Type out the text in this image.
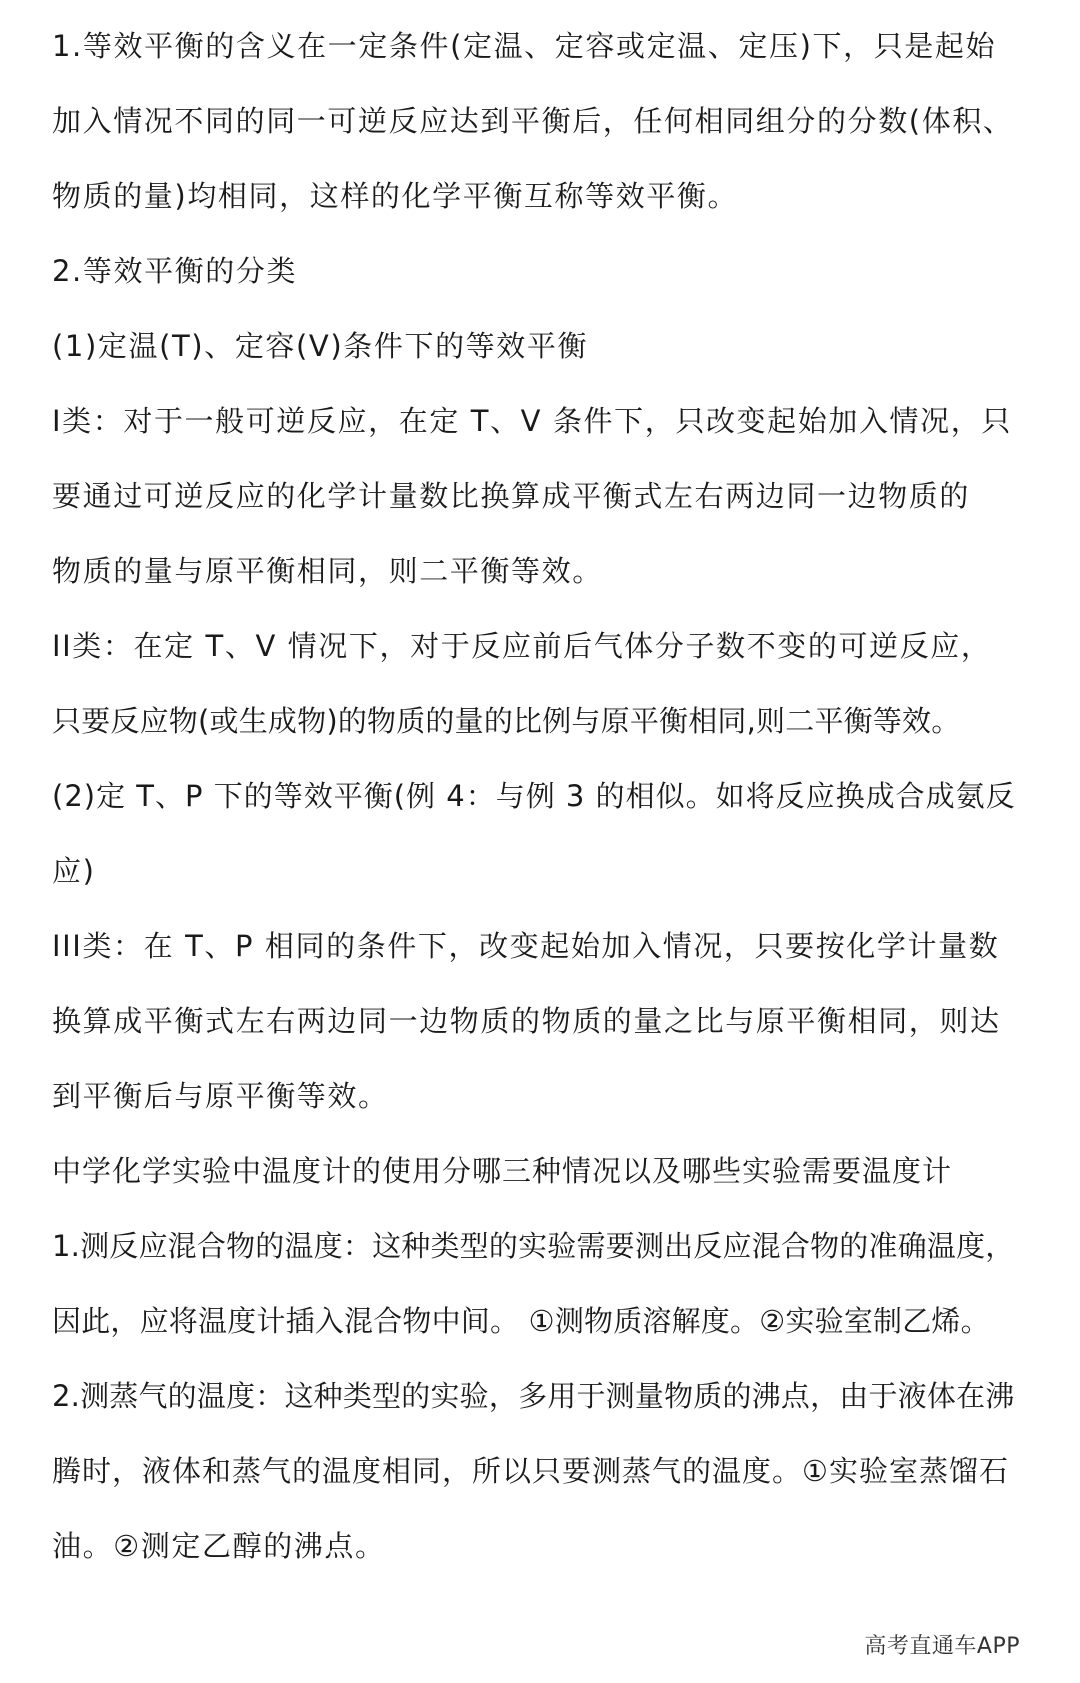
1.等效平衡的含义在一定条件(定温、定容或定温、定压)下，只是起始
加入情况不同的同一可逆反应达到平衡后，任何相同组分的分数(体积、
物质的量)均相同，这样的化学平衡互称等效平衡。
2.等效平衡的分类
(1)定温(T)、定容(V)条件下的等效平衡
I类：对于一般可逆反应，在定 T、V 条件下，只改变起始加入情况，只
要通过可逆反应的化学计量数比换算成平衡式左右两边同一边物质的
物质的量与原平衡相同，则二平衡等效。
II类：在定 T、V 情况下，对于反应前后气体分子数不变的可逆反应，
只要反应物(或生成物)的物质的量的比例与原平衡相同,则二平衡等效。
(2)定 T、P 下的等效平衡(例 4：与例 3 的相似。如将反应换成合成氨反
应)
III类：在 T、P 相同的条件下，改变起始加入情况，只要按化学计量数
换算成平衡式左右两边同一边物质的物质的量之比与原平衡相同，则达
到平衡后与原平衡等效。
中学化学实验中温度计的使用分哪三种情况以及哪些实验需要温度计
1.测反应混合物的温度：这种类型的实验需要测出反应混合物的准确温度，
因此，应将温度计插入混合物中间。 ①测物质溶解度。②实验室制乙烯。
2.测蒸气的温度：这种类型的实验，多用于测量物质的沸点，由于液体在沸
腾时，液体和蒸气的温度相同，所以只要测蒸气的温度。①实验室蒸馏石
油。②测定乙醇的沸点。
高考直通车APP
